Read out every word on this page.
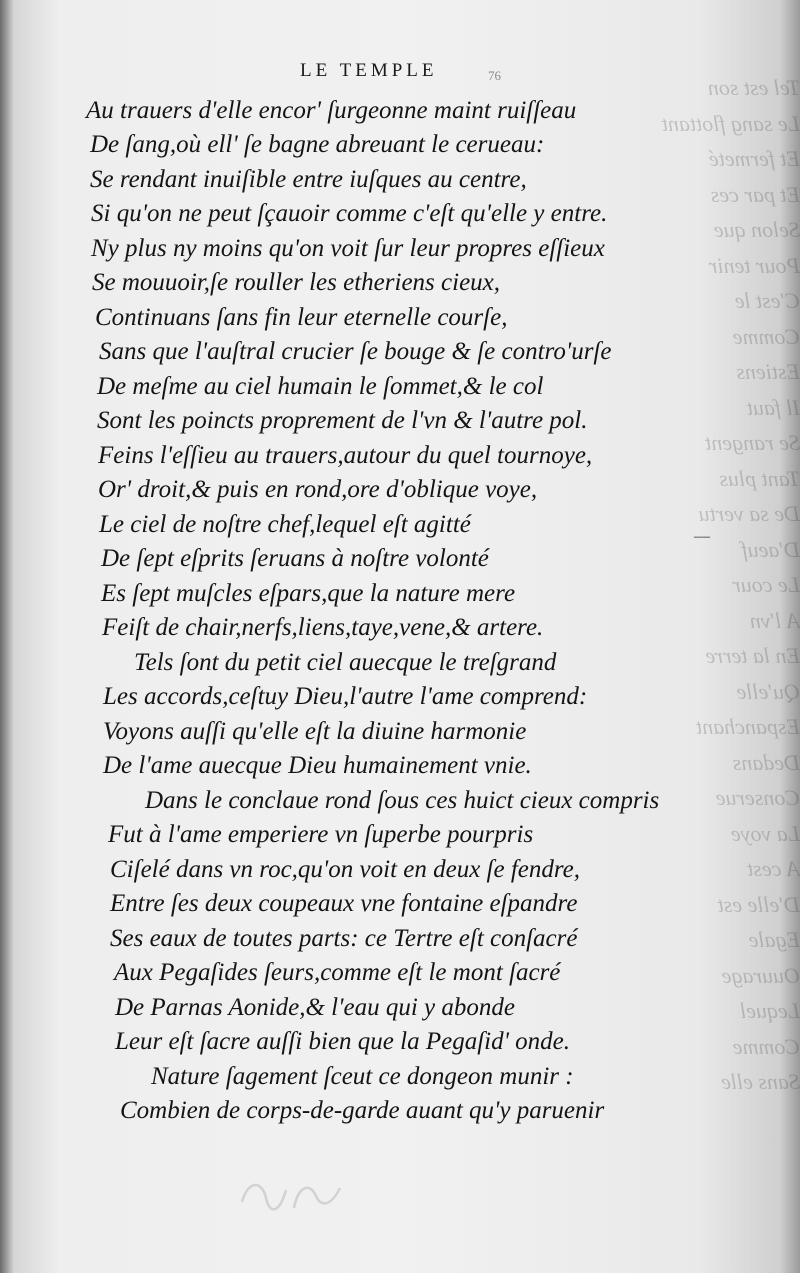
Tel est son
Le sang flottant
Et fermeté
Et par ces
Selon que
Pour tenir
C'est le
Comme
Estiens
Il faut
Se rangent
Tant plus
De sa vertu
D'aeuf
Le cour
A l'vn
En la terre
Qu'elle
Espanchant
Dedans
Conserue
La voye
A cest
D'elle est
Egale
Ouurage
Lequel
Comme
Sans elle
LE TEMPLE	76
Au trauers d'elle encor' ſurgeonne maint ruiſſeau
De ſang,où ell' ſe bagne abreuant le cerueau:
Se rendant inuiſible entre iuſques au centre,
Si qu'on ne peut ſçauoir comme c'eſt qu'elle y entre.
Ny plus ny moins qu'on voit ſur leur propres eſſieux
Se mouuoir,ſe rouller les etheriens cieux,
Continuans ſans fin leur eternelle courſe,
Sans que l'auſtral crucier ſe bouge & ſe contro'urſe
De meſme au ciel humain le ſommet,& le col
Sont les poincts proprement de l'vn & l'autre pol.
Feins l'eſſieu au trauers,autour du quel tournoye,
Or' droit,& puis en rond,ore d'oblique voye,
Le ciel de noſtre chef,lequel eſt agitté
De ſept eſprits ſeruans à noſtre volonté
Es ſept muſcles eſpars,que la nature mere
Feiſt de chair,nerfs,liens,taye,vene,& artere.
Tels ſont du petit ciel auecque le treſgrand
Les accords,ceſtuy Dieu,l'autre l'ame comprend:
Voyons auſſi qu'elle eſt la diuine harmonie
De l'ame auecque Dieu humainement vnie.
Dans le conclaue rond ſous ces huict cieux compris
Fut à l'ame emperiere vn ſuperbe pourpris
Ciſelé dans vn roc,qu'on voit en deux ſe fendre,
Entre ſes deux coupeaux vne fontaine eſpandre
Ses eaux de toutes parts: ce Tertre eſt conſacré
Aux Pegaſides ſeurs,comme eſt le mont ſacré
De Parnas Aonide,& l'eau qui y abonde
Leur eſt ſacre auſſi bien que la Pegaſid' onde.
Nature ſagement ſceut ce dongeon munir :
Combien de corps-de-garde auant qu'y paruenir
—
